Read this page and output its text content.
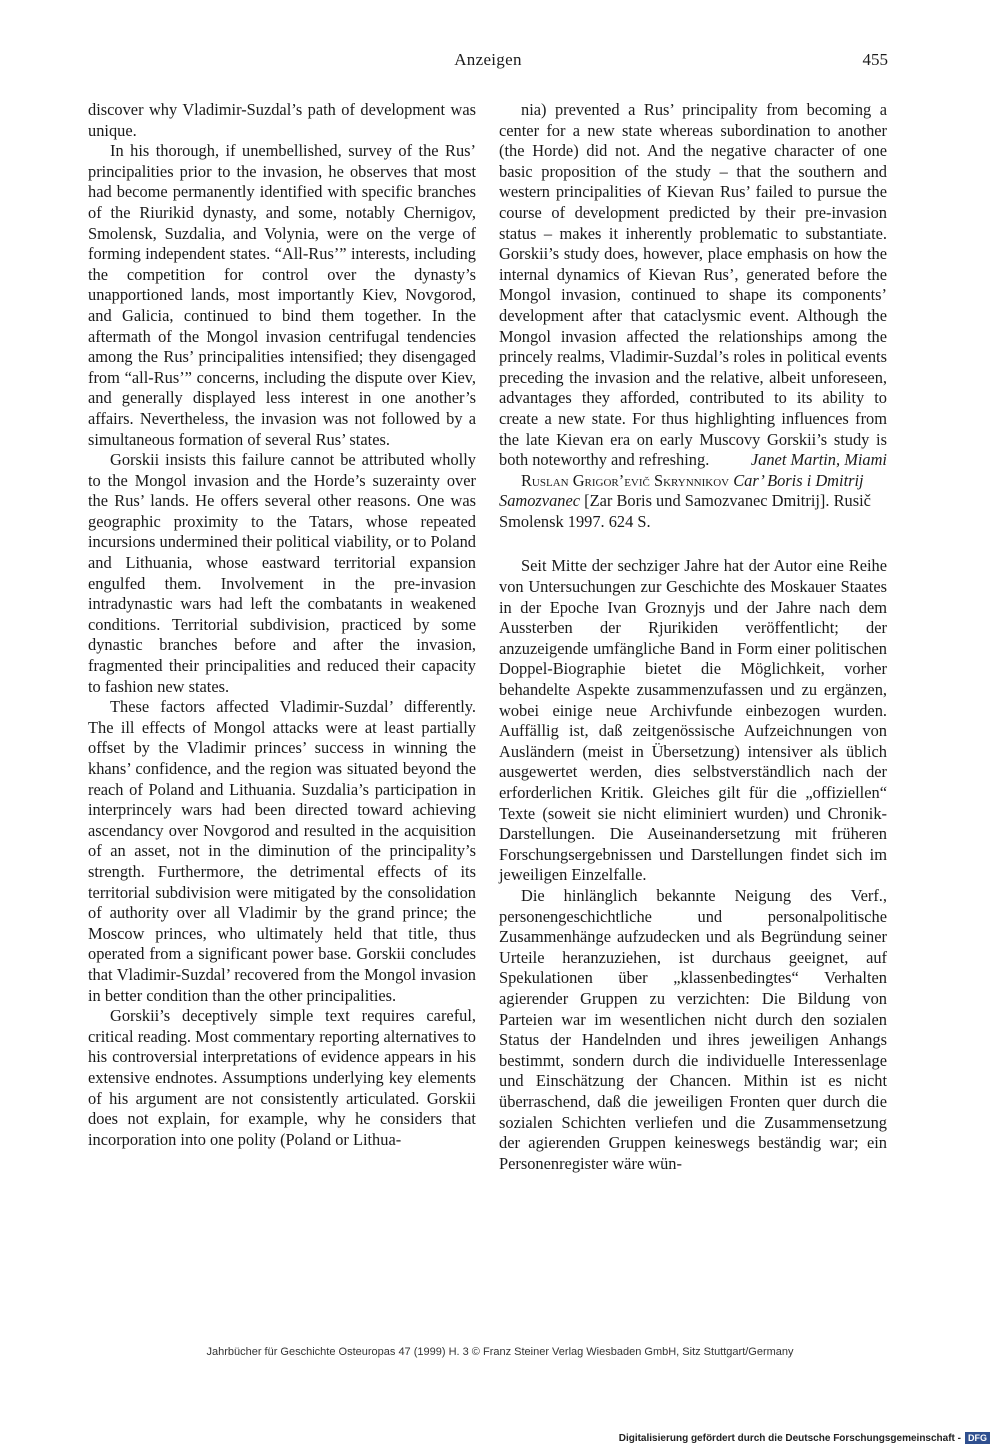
Anzeigen	455

discover why Vladimir-Suzdal’s path of development was unique.

In his thorough, if unembellished, survey of the Rus’ principalities prior to the invasion, he observes that most had become permanently identified with specific branches of the Riurikid dynasty, and some, notably Chernigov, Smolensk, Suzdalia, and Volynia, were on the verge of forming independent states. “All-Rus’” interests, including the competition for control over the dynasty’s unapportioned lands, most importantly Kiev, Novgorod, and Galicia, continued to bind them together. In the aftermath of the Mongol invasion centrifugal tendencies among the Rus’ principalities intensified; they disengaged from “all-Rus’” concerns, including the dispute over Kiev, and generally displayed less interest in one another’s affairs. Nevertheless, the invasion was not followed by a simultaneous formation of several Rus’ states.

Gorskii insists this failure cannot be attributed wholly to the Mongol invasion and the Horde’s suzerainty over the Rus’ lands. He offers several other reasons. One was geographic proximity to the Tatars, whose repeated incursions undermined their political viability, or to Poland and Lithuania, whose eastward territorial expansion engulfed them. Involvement in the pre-invasion intradynastic wars had left the combatants in weakened conditions. Territorial subdivision, practiced by some dynastic branches before and after the invasion, fragmented their principalities and reduced their capacity to fashion new states.

These factors affected Vladimir-Suzdal’ differently. The ill effects of Mongol attacks were at least partially offset by the Vladimir princes’ success in winning the khans’ confidence, and the region was situated beyond the reach of Poland and Lithuania. Suzdalia’s participation in interprincely wars had been directed toward achieving ascendancy over Novgorod and resulted in the acquisition of an asset, not in the diminution of the principality’s strength. Furthermore, the detrimental effects of its territorial subdivision were mitigated by the consolidation of authority over all Vladimir by the grand prince; the Moscow princes, who ultimately held that title, thus operated from a significant power base. Gorskii concludes that Vladimir-Suzdal’ recovered from the Mongol invasion in better condition than the other principalities.

Gorskii’s deceptively simple text requires careful, critical reading. Most commentary reporting alternatives to his controversial interpretations of evidence appears in his extensive endnotes. Assumptions underlying key elements of his argument are not consistently articulated. Gorskii does not explain, for example, why he considers that incorporation into one polity (Poland or Lithua-

nia) prevented a Rus’ principality from becoming a center for a new state whereas subordination to another (the Horde) did not. And the negative character of one basic proposition of the study – that the southern and western principalities of Kievan Rus’ failed to pursue the course of development predicted by their pre-invasion status – makes it inherently problematic to substantiate. Gorskii’s study does, however, place emphasis on how the internal dynamics of Kievan Rus’, generated before the Mongol invasion, continued to shape its components’ development after that cataclysmic event. Although the Mongol invasion affected the relationships among the princely realms, Vladimir-Suzdal’s roles in political events preceding the invasion and the relative, albeit unforeseen, advantages they afforded, contributed to its ability to create a new state. For thus highlighting influences from the late Kievan era on early Muscovy Gorskii’s study is both noteworthy and refreshing.	Janet Martin, Miami

Ruslan Grigor’evič Skrynnikov Car’ Boris i Dmitrij Samozvanec [Zar Boris und Samozvanec Dmitrij]. Rusič Smolensk 1997. 624 S.

Seit Mitte der sechziger Jahre hat der Autor eine Reihe von Untersuchungen zur Geschichte des Moskauer Staates in der Epoche Ivan Groznyjs und der Jahre nach dem Aussterben der Rjurikiden veröffentlicht; der anzuzeigende umfängliche Band in Form einer politischen Doppel-Biographie bietet die Möglichkeit, vorher behandelte Aspekte zusammenzufassen und zu ergänzen, wobei einige neue Archivfunde einbezogen wurden. Auffällig ist, daß zeitgenössische Aufzeichnungen von Ausländern (meist in Übersetzung) intensiver als üblich ausgewertet werden, dies selbstverständlich nach der erforderlichen Kritik. Gleiches gilt für die „offiziellen“ Texte (soweit sie nicht eliminiert wurden) und Chronik-Darstellungen. Die Auseinandersetzung mit früheren Forschungsergebnissen und Darstellungen findet sich im jeweiligen Einzelfalle.

Die hinlänglich bekannte Neigung des Verf., personengeschichtliche und personalpolitische Zusammenhänge aufzudecken und als Begründung seiner Urteile heranzuziehen, ist durchaus geeignet, auf Spekulationen über „klassenbedingtes“ Verhalten agierender Gruppen zu verzichten: Die Bildung von Parteien war im wesentlichen nicht durch den sozialen Status der Handelnden und ihres jeweiligen Anhangs bestimmt, sondern durch die individuelle Interessenlage und Einschätzung der Chancen. Mithin ist es nicht überraschend, daß die jeweiligen Fronten quer durch die sozialen Schichten verliefen und die Zusammensetzung der agierenden Gruppen keineswegs beständig war; ein Personenregister wäre wün-

Jahrbücher für Geschichte Osteuropas 47 (1999) H. 3 © Franz Steiner Verlag Wiesbaden GmbH, Sitz Stuttgart/Germany
Digitalisierung gefördert durch die Deutsche Forschungsgemeinschaft - DFG
